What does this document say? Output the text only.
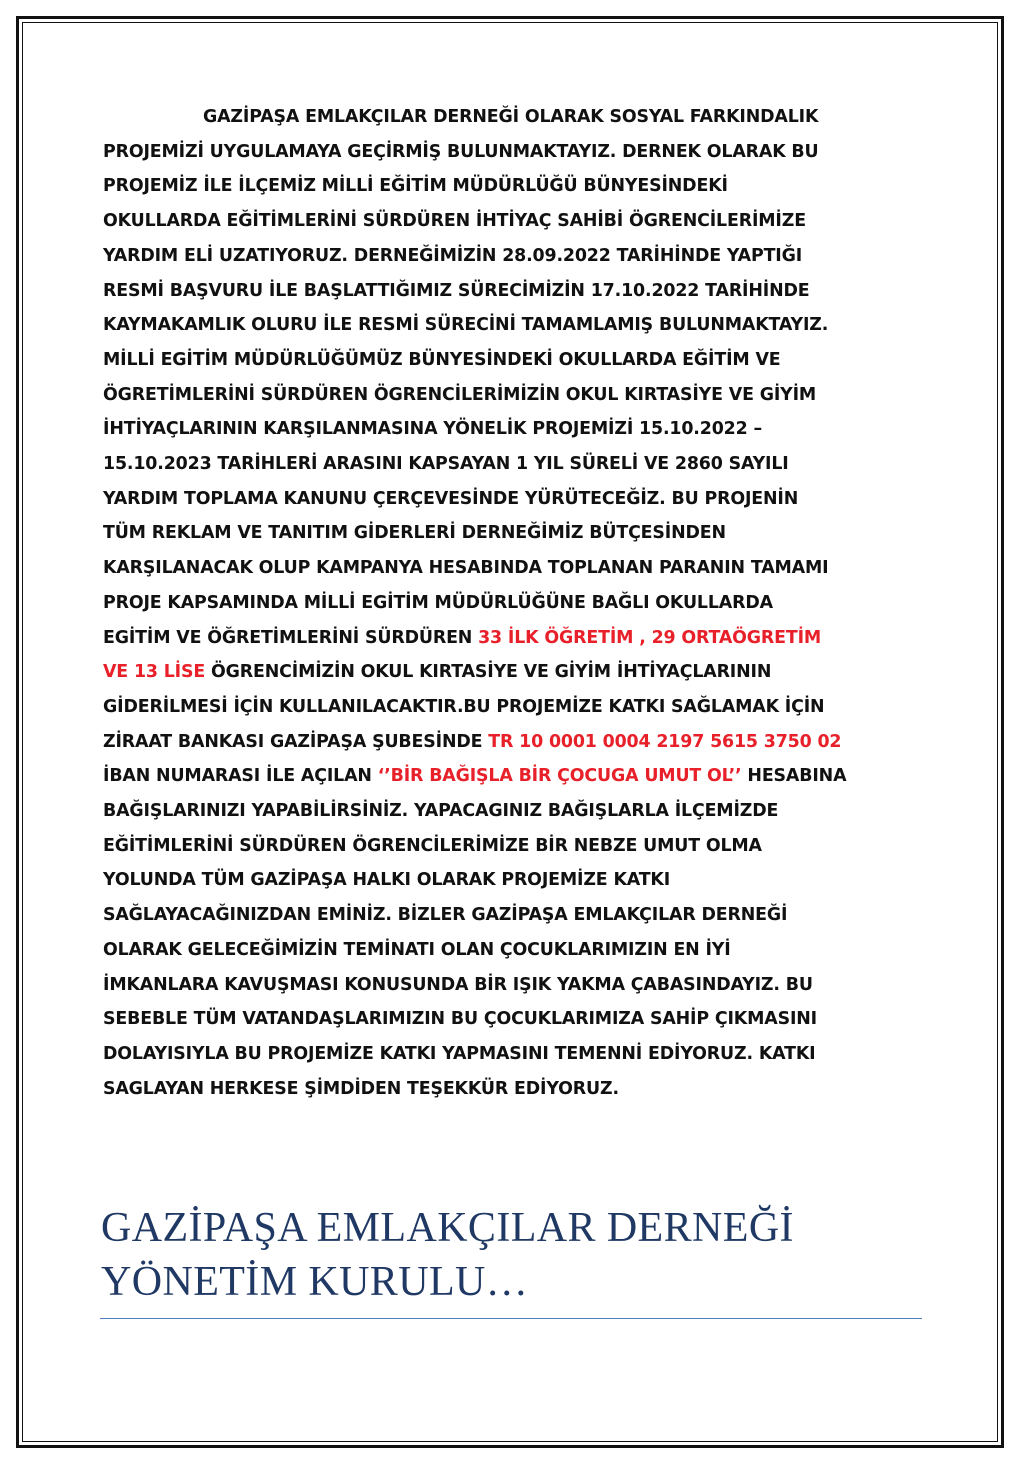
GAZİPAŞA EMLAKÇILAR DERNEĞİ OLARAK SOSYAL FARKINDALIK
PROJEMİZİ UYGULAMAYA GEÇİRMİŞ BULUNMAKTAYIZ. DERNEK OLARAK BU
PROJEMİZ İLE İLÇEMİZ MİLLİ EĞİTİM MÜDÜRLÜĞÜ BÜNYESİNDEKİ
OKULLARDA EĞİTİMLERİNİ SÜRDÜREN İHTİYAÇ SAHİBİ ÖGRENCİLERİMİZE
YARDIM ELİ UZATIYORUZ. DERNEĞİMİZİN 28.09.2022 TARİHİNDE YAPTIĞI
RESMİ BAŞVURU İLE BAŞLATTIĞIMIZ SÜRECİMİZİN 17.10.2022 TARİHİNDE
KAYMAKAMLIK OLURU İLE RESMİ SÜRECİNİ TAMAMLAMIŞ BULUNMAKTAYIZ.
MİLLİ EGİTİM MÜDÜRLÜĞÜMÜZ BÜNYESİNDEKİ OKULLARDA EĞİTİM VE
ÖGRETİMLERİNİ SÜRDÜREN ÖGRENCİLERİMİZİN OKUL KIRTASİYE VE GİYİM
İHTİYAÇLARININ KARŞILANMASINA YÖNELİK PROJEMİZİ 15.10.2022 –
15.10.2023 TARİHLERİ ARASINI KAPSAYAN 1 YIL SÜRELİ VE 2860 SAYILI
YARDIM TOPLAMA KANUNU ÇERÇEVESİNDE YÜRÜTECEĞİZ. BU PROJENİN
TÜM REKLAM VE TANITIM GİDERLERİ DERNEĞİMİZ BÜTÇESİNDEN
KARŞILANACAK OLUP KAMPANYA HESABINDA TOPLANAN PARANIN TAMAMI
PROJE KAPSAMINDA MİLLİ EGİTİM MÜDÜRLÜĞÜNE BAĞLI OKULLARDA
EGİTİM VE ÖĞRETİMLERİNİ SÜRDÜREN 33 İLK ÖĞRETİM , 29 ORTAÖGRETİM
VE 13 LİSE ÖGRENCİMİZİN OKUL KIRTASİYE VE GİYİM İHTİYAÇLARININ
GİDERİLMESİ İÇİN KULLANILACAKTIR.BU PROJEMİZE KATKI SAĞLAMAK İÇİN
ZİRAAT BANKASI GAZİPAŞA ŞUBESİNDE TR 10 0001 0004 2197 5615 3750 02
İBAN NUMARASI İLE AÇILAN ‘’BİR BAĞIŞLA BİR ÇOCUGA UMUT OL’’ HESABINA
BAĞIŞLARINIZI YAPABİLİRSİNİZ. YAPACAGINIZ BAĞIŞLARLA İLÇEMİZDE
EĞİTİMLERİNİ SÜRDÜREN ÖGRENCİLERİMİZE BİR NEBZE UMUT OLMA
YOLUNDA TÜM GAZİPAŞA HALKI OLARAK PROJEMİZE KATKI
SAĞLAYACAĞINIZDAN EMİNİZ. BİZLER GAZİPAŞA EMLAKÇILAR DERNEĞİ
OLARAK GELECEĞİMİZİN TEMİNATI OLAN ÇOCUKLARIMIZIN EN İYİ
İMKANLARA KAVUŞMASI KONUSUNDA BİR IŞIK YAKMA ÇABASINDAYIZ. BU
SEBEBLE TÜM VATANDAŞLARIMIZIN BU ÇOCUKLARIMIZA SAHİP ÇIKMASINI
DOLAYISIYLA BU PROJEMİZE KATKI YAPMASINI TEMENNİ EDİYORUZ. KATKI
SAGLAYAN HERKESE ŞİMDİDEN TEŞEKKÜR EDİYORUZ.
GAZİPAŞA EMLAKÇILAR DERNEĞİ
YÖNETİM KURULU…
